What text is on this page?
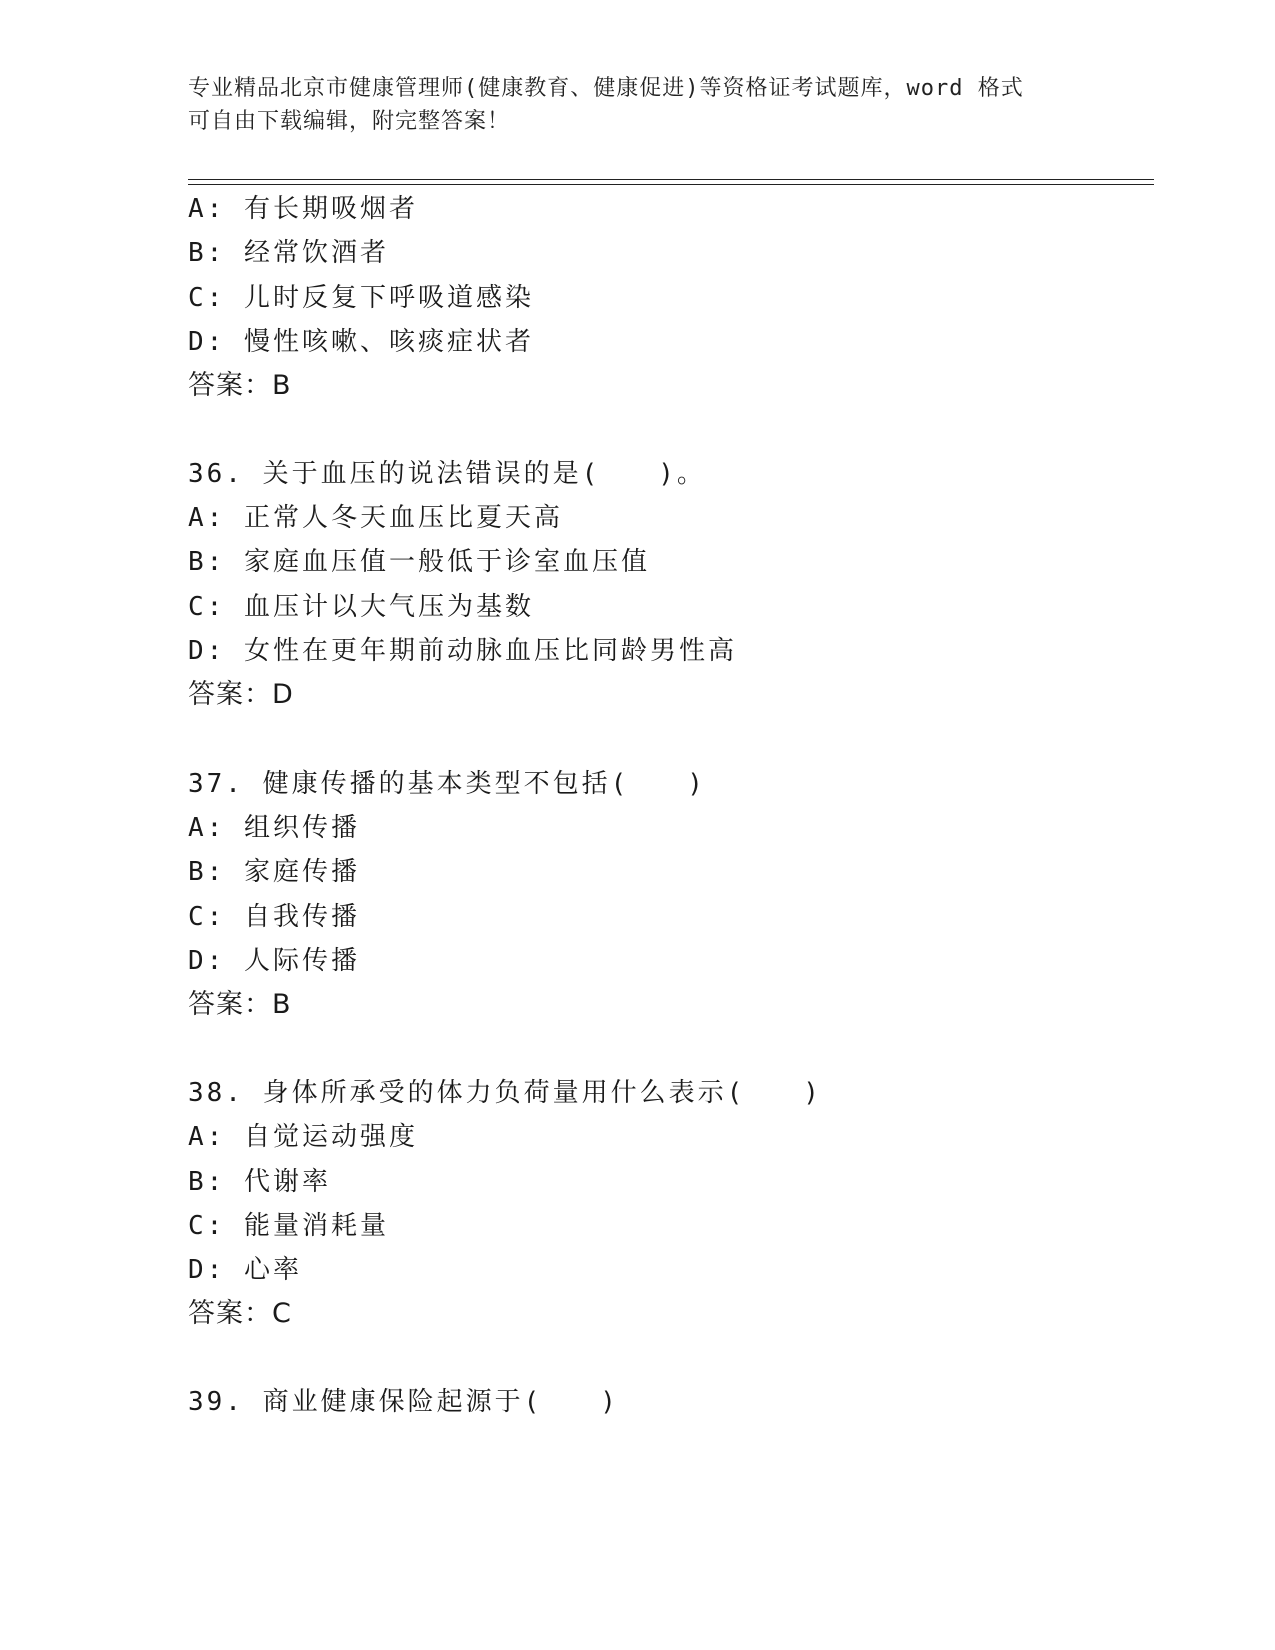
专业精品北京市健康管理师(健康教育、健康促进)等资格证考试题库，word 格式
可自由下载编辑，附完整答案！
A: 有长期吸烟者
B: 经常饮酒者
C: 儿时反复下呼吸道感染
D: 慢性咳嗽、咳痰症状者
答案：B
36. 关于血压的说法错误的是(　　)。
A: 正常人冬天血压比夏天高
B: 家庭血压值一般低于诊室血压值
C: 血压计以大气压为基数
D: 女性在更年期前动脉血压比同龄男性高
答案：D
37. 健康传播的基本类型不包括(　　)
A: 组织传播
B: 家庭传播
C: 自我传播
D: 人际传播
答案：B
38. 身体所承受的体力负荷量用什么表示(　　)
A: 自觉运动强度
B: 代谢率
C: 能量消耗量
D: 心率
答案：C
39. 商业健康保险起源于(　　)
